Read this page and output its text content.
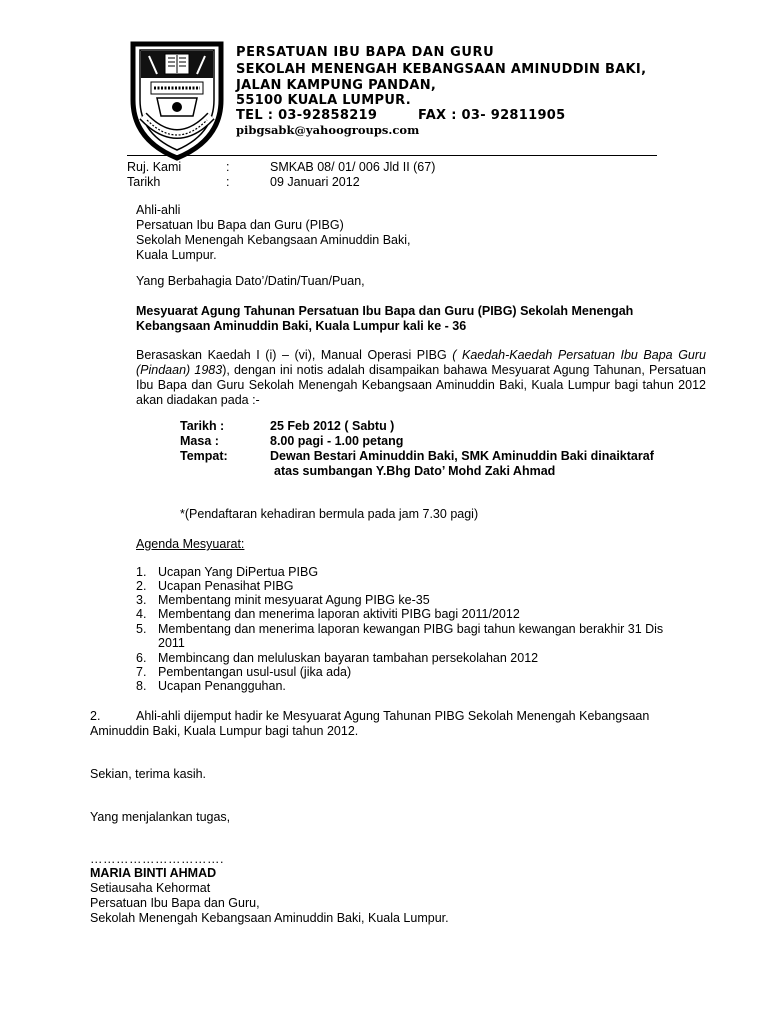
PERSATUAN IBU BAPA DAN GURU
SEKOLAH MENENGAH KEBANGSAAN AMINUDDIN BAKI,
JALAN KAMPUNG PANDAN,
55100 KUALA LUMPUR.
TEL : 03-92858219	FAX : 03- 92811905
pibgsabk@yahoogroups.com
Ruj. Kami	:	SMKAB 08/ 01/ 006 Jld II (67)
Tarikh	:	09 Januari 2012
Ahli-ahli
Persatuan Ibu Bapa dan Guru (PIBG)
Sekolah Menengah Kebangsaan Aminuddin Baki,
Kuala Lumpur.
Yang Berbahagia Dato’/Datin/Tuan/Puan,
Mesyuarat Agung Tahunan Persatuan Ibu Bapa dan Guru (PIBG) Sekolah Menengah
Kebangsaan Aminuddin Baki, Kuala Lumpur kali ke - 36
Berasaskan Kaedah I (i) – (vi), Manual Operasi PIBG ( Kaedah-Kaedah Persatuan Ibu Bapa Guru (Pindaan) 1983), dengan ini notis adalah disampaikan bahawa Mesyuarat Agung Tahunan, Persatuan Ibu Bapa dan Guru Sekolah Menengah Kebangsaan Aminuddin Baki, Kuala Lumpur bagi tahun 2012 akan diadakan pada :-
Tarikh :	25 Feb 2012 ( Sabtu )
Masa :	8.00 pagi - 1.00 petang
Tempat:	Dewan Bestari Aminuddin Baki, SMK Aminuddin Baki dinaiktaraf
atas sumbangan Y.Bhg Dato’ Mohd Zaki Ahmad
*(Pendaftaran kehadiran bermula pada jam 7.30 pagi)
Agenda Mesyuarat:
1. Ucapan Yang DiPertua PIBG
2. Ucapan Penasihat PIBG
3. Membentang minit mesyuarat Agung PIBG ke-35
4. Membentang dan menerima laporan aktiviti PIBG bagi 2011/2012
5. Membentang dan menerima laporan kewangan PIBG bagi tahun kewangan berakhir 31 Dis
2011
6. Membincang dan meluluskan bayaran tambahan persekolahan 2012
7. Pembentangan usul-usul (jika ada)
8. Ucapan Penangguhan.
2.	Ahli-ahli dijemput hadir ke Mesyuarat Agung Tahunan PIBG Sekolah Menengah Kebangsaan
Aminuddin Baki, Kuala Lumpur bagi tahun 2012.
Sekian, terima kasih.
Yang menjalankan tugas,
………………………….
MARIA BINTI AHMAD
Setiausaha Kehormat
Persatuan Ibu Bapa dan Guru,
Sekolah Menengah Kebangsaan Aminuddin Baki, Kuala Lumpur.
